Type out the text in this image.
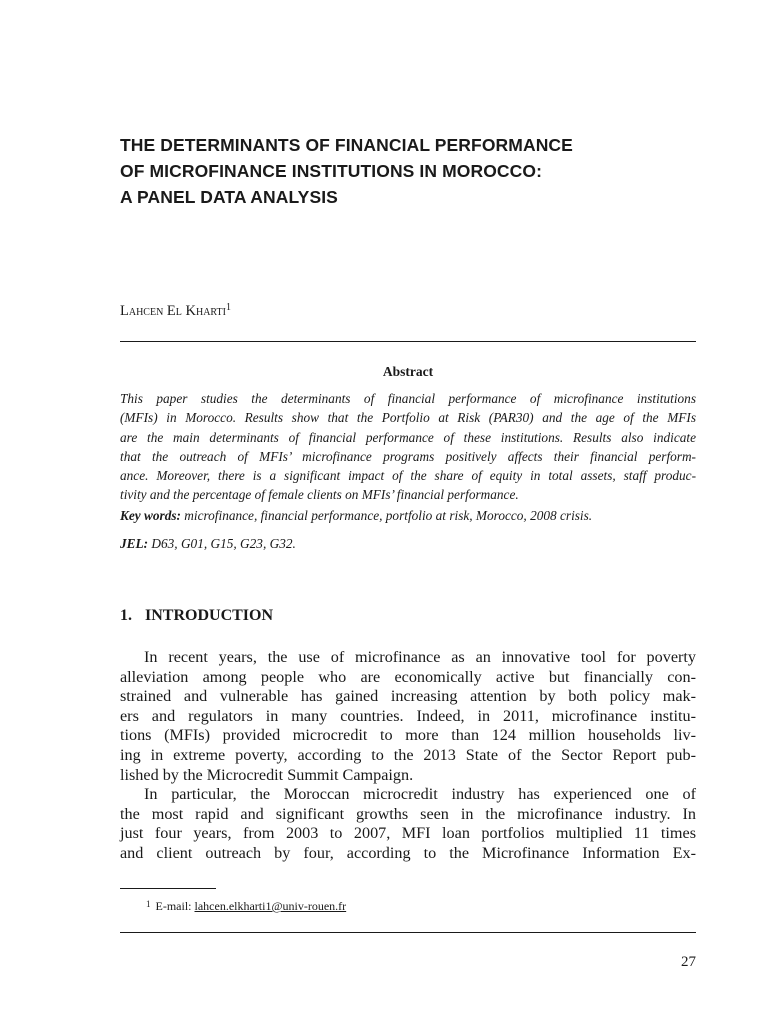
THE DETERMINANTS OF FINANCIAL PERFORMANCE
OF MICROFINANCE INSTITUTIONS IN MOROCCO:
A PANEL DATA ANALYSIS
Lahcen El Kharti$^1$
Abstract
This paper studies the determinants of financial performance of microfinance institutions
(MFIs) in Morocco. Results show that the Portfolio at Risk (PAR30) and the age of the MFIs
are the main determinants of financial performance of these institutions. Results also indicate
that the outreach of MFIs’ microfinance programs positively affects their financial perform-
ance. Moreover, there is a significant impact of the share of equity in total assets, staff produc-
tivity and the percentage of female clients on MFIs’ financial performance.
Key words: microfinance, financial performance, portfolio at risk, Morocco, 2008 crisis.
JEL: D63, G01, G15, G23, G32.
1. INTRODUCTION
In recent years, the use of microfinance as an innovative tool for poverty
alleviation among people who are economically active but financially con-
strained and vulnerable has gained increasing attention by both policy mak-
ers and regulators in many countries. Indeed, in 2011, microfinance institu-
tions (MFIs) provided microcredit to more than 124 million households liv-
ing in extreme poverty, according to the 2013 State of the Sector Report pub-
lished by the Microcredit Summit Campaign.
In particular, the Moroccan microcredit industry has experienced one of
the most rapid and significant growths seen in the microfinance industry. In
just four years, from 2003 to 2007, MFI loan portfolios multiplied 11 times
and client outreach by four, according to the Microfinance Information Ex-
$^1$ E-mail: lahcen.elkharti1@univ-rouen.fr
27
